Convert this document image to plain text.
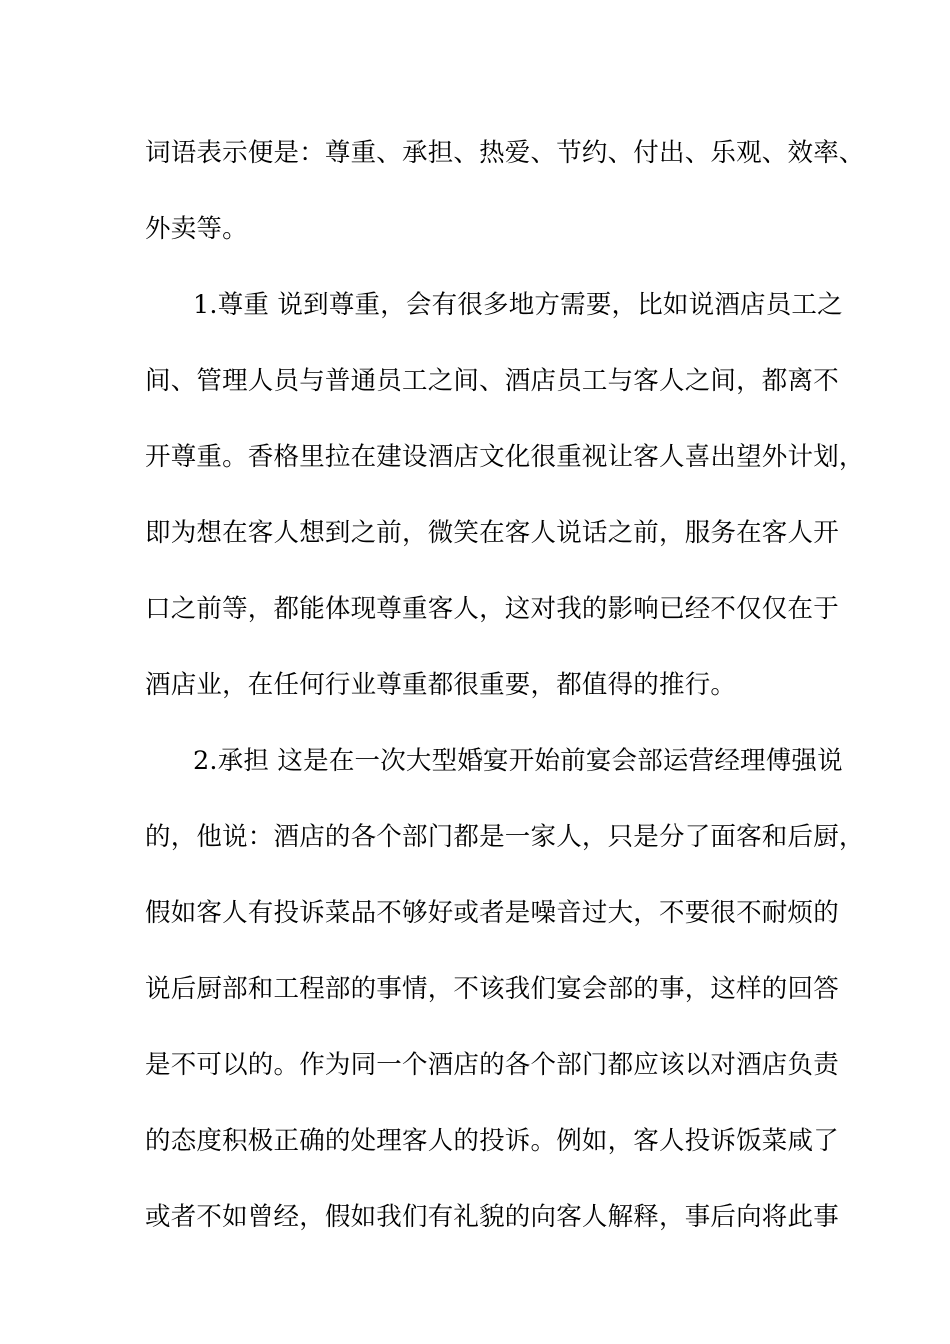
词语表示便是：尊重、承担、热爱、节约、付出、乐观、效率、
外卖等。
1.尊重 说到尊重，会有很多地方需要，比如说酒店员工之
间、管理人员与普通员工之间、酒店员工与客人之间，都离不
开尊重。香格里拉在建设酒店文化很重视让客人喜出望外计划，
即为想在客人想到之前，微笑在客人说话之前，服务在客人开
口之前等，都能体现尊重客人，这对我的影响已经不仅仅在于
酒店业，在任何行业尊重都很重要，都值得的推行。
2.承担 这是在一次大型婚宴开始前宴会部运营经理傅强说
的，他说：酒店的各个部门都是一家人，只是分了面客和后厨，
假如客人有投诉菜品不够好或者是噪音过大，不要很不耐烦的
说后厨部和工程部的事情，不该我们宴会部的事，这样的回答
是不可以的。作为同一个酒店的各个部门都应该以对酒店负责
的态度积极正确的处理客人的投诉。例如，客人投诉饭菜咸了
或者不如曾经，假如我们有礼貌的向客人解释，事后向将此事
